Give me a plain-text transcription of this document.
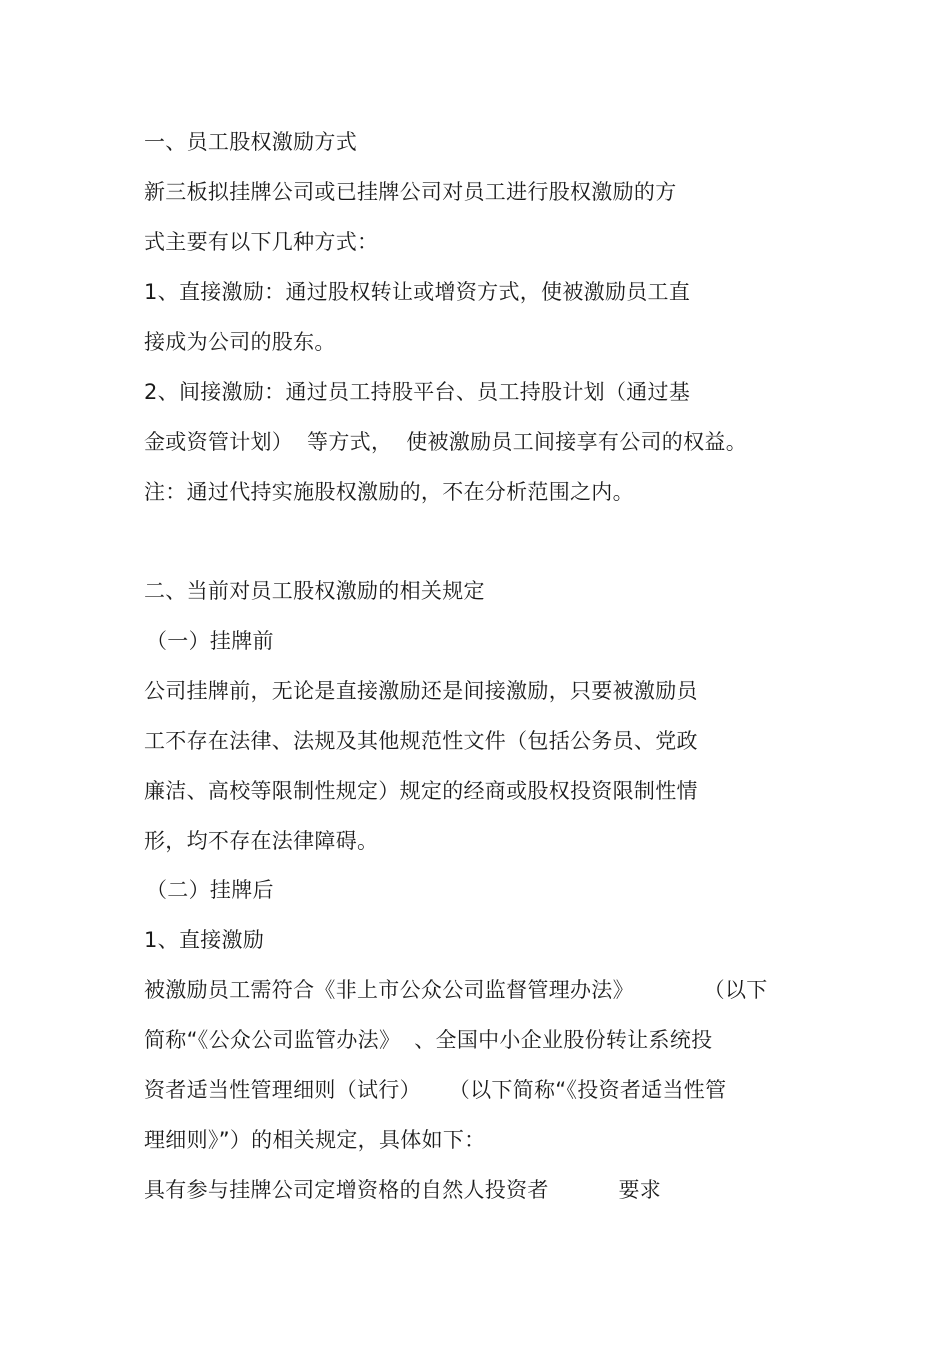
一、员工股权激励方式
新三板拟挂牌公司或已挂牌公司对员工进行股权激励的方
式主要有以下几种方式：
1、直接激励：通过股权转让或增资方式，使被激励员工直
接成为公司的股东。
2、间接激励：通过员工持股平台、员工持股计划（通过基
金或资管计划）  等方式，  使被激励员工间接享有公司的权益。
注：通过代持实施股权激励的，不在分析范围之内。
二、当前对员工股权激励的相关规定
（一）挂牌前
公司挂牌前，无论是直接激励还是间接激励，只要被激励员
工不存在法律、法规及其他规范性文件（包括公务员、党政
廉洁、高校等限制性规定）规定的经商或股权投资限制性情
形，均不存在法律障碍。
（二）挂牌后
1、直接激励
被激励员工需符合《非上市公众公司监督管理办法》          （以下
简称“《公众公司监管办法》  、全国中小企业股份转让系统投
资者适当性管理细则（试行）    （以下简称“《投资者适当性管
理细则》”）的相关规定，具体如下：
具有参与挂牌公司定增资格的自然人投资者          要求
